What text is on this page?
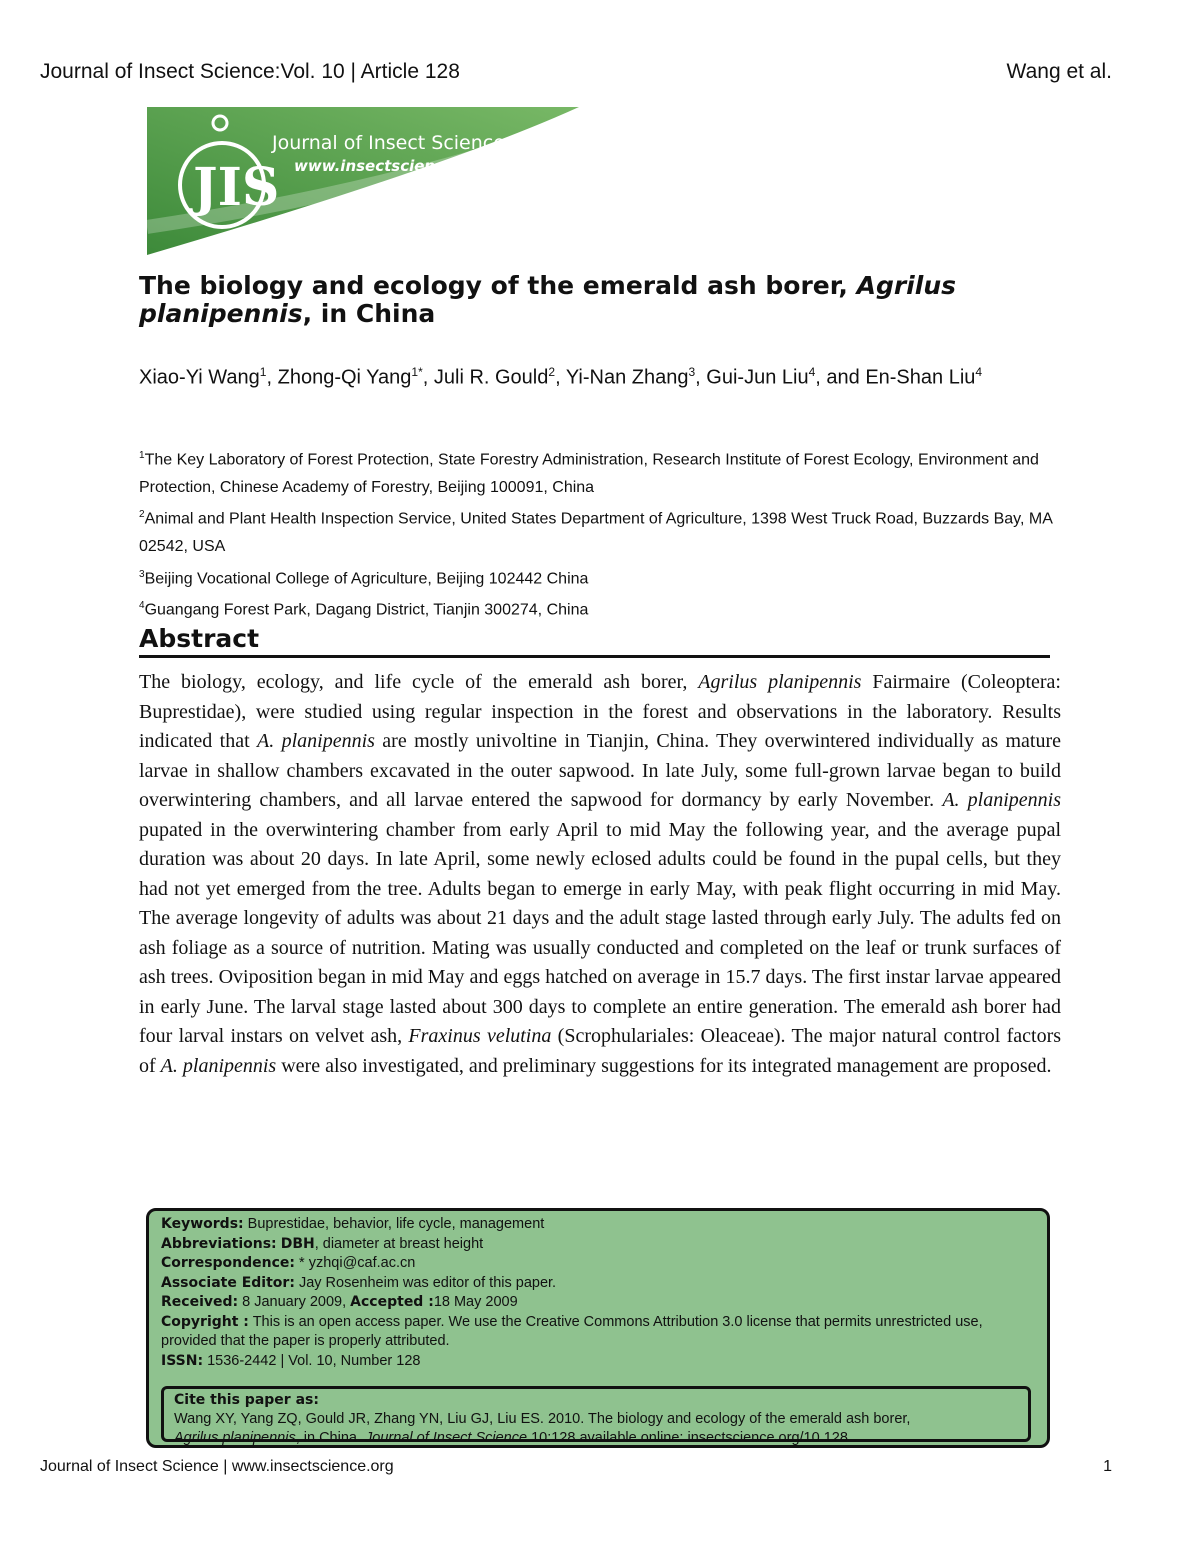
Journal of Insect Science:Vol. 10 | Article 128	Wang et al.
JIS
Journal of Insect Science
www.insectscience.org
The biology and ecology of the emerald ash borer, Agrilus planipennis, in China
Xiao-Yi Wang$^1$, Zhong-Qi Yang$^{1*}$, Juli R. Gould$^2$, Yi-Nan Zhang$^3$, Gui-Jun Liu$^4$, and En-Shan Liu$^4$
$^1$The Key Laboratory of Forest Protection, State Forestry Administration, Research Institute of Forest Ecology, Environment and Protection, Chinese Academy of Forestry, Beijing 100091, China
$^2$Animal and Plant Health Inspection Service, United States Department of Agriculture, 1398 West Truck Road, Buzzards Bay, MA 02542, USA
$^3$Beijing Vocational College of Agriculture, Beijing 102442 China
$^4$Guangang Forest Park, Dagang District, Tianjin 300274, China
Abstract
The biology, ecology, and life cycle of the emerald ash borer, Agrilus planipennis Fairmaire (Coleoptera: Buprestidae), were studied using regular inspection in the forest and observations in the laboratory. Results indicated that A. planipennis are mostly univoltine in Tianjin, China. They overwintered individually as mature larvae in shallow chambers excavated in the outer sapwood. In late July, some full-grown larvae began to build overwintering chambers, and all larvae entered the sapwood for dormancy by early November. A. planipennis pupated in the overwintering chamber from early April to mid May the following year, and the average pupal duration was about 20 days. In late April, some newly eclosed adults could be found in the pupal cells, but they had not yet emerged from the tree. Adults began to emerge in early May, with peak flight occurring in mid May. The average longevity of adults was about 21 days and the adult stage lasted through early July. The adults fed on ash foliage as a source of nutrition. Mating was usually conducted and completed on the leaf or trunk surfaces of ash trees. Oviposition began in mid May and eggs hatched on average in 15.7 days. The first instar larvae appeared in early June. The larval stage lasted about 300 days to complete an entire generation. The emerald ash borer had four larval instars on velvet ash, Fraxinus velutina (Scrophulariales: Oleaceae). The major natural control factors of A. planipennis were also investigated, and preliminary suggestions for its integrated management are proposed.
Keywords: Buprestidae, behavior, life cycle, management
Abbreviations: DBH, diameter at breast height
Correspondence: * yzhqi@caf.ac.cn
Associate Editor: Jay Rosenheim was editor of this paper.
Received: 8 January 2009, Accepted :18 May 2009
Copyright : This is an open access paper. We use the Creative Commons Attribution 3.0 license that permits unrestricted use, provided that the paper is properly attributed.
ISSN: 1536-2442 | Vol. 10, Number 128
Cite this paper as:
Wang XY, Yang ZQ, Gould JR, Zhang YN, Liu GJ, Liu ES. 2010. The biology and ecology of the emerald ash borer,
Agrilus planipennis, in China. Journal of Insect Science 10:128 available online: insectscience.org/10.128
Journal of Insect Science | www.insectscience.org	1
